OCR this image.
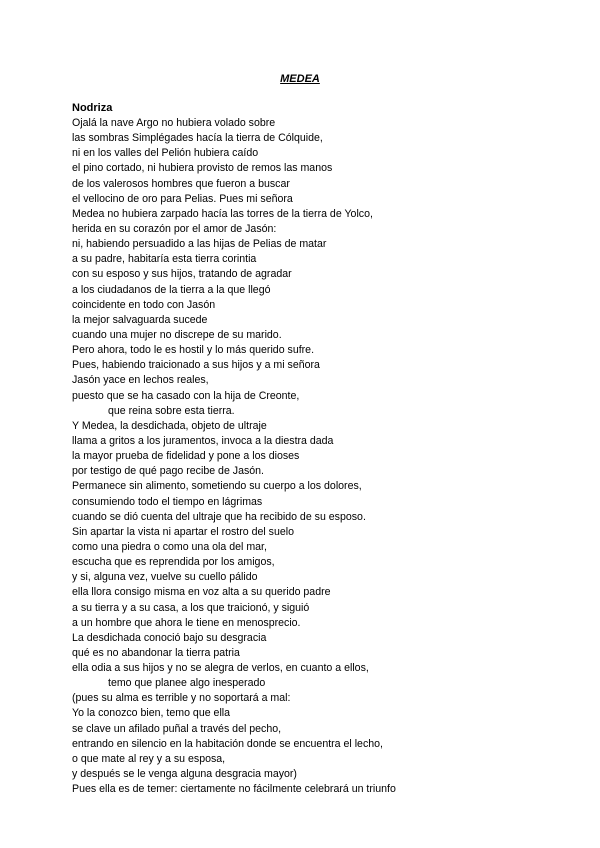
MEDEA
Nodriza
Ojalá la nave Argo no hubiera volado sobre
las sombras Simplégades hacía la tierra de Cólquide,
ni en los valles del Pelión hubiera caído
el pino cortado, ni hubiera provisto de remos las manos
de los valerosos hombres que fueron a buscar
el vellocino de oro para Pelias. Pues mi señora
Medea no hubiera zarpado hacía las torres de la tierra de Yolco,
herida en su corazón por el amor de Jasón:
ni, habiendo persuadido a las hijas de Pelias de matar
a su padre, habitaría esta tierra corintia
con su esposo y sus hijos, tratando de agradar
a los ciudadanos de la tierra a la que llegó
coincidente en todo con Jasón
la mejor salvaguarda sucede
cuando una mujer no discrepe de su marido.
Pero ahora, todo le es hostil y lo más querido sufre.
Pues, habiendo traicionado a sus hijos y a mi señora
Jasón yace en lechos reales,
puesto que se ha casado con la hija de Creonte,
que reina sobre esta tierra.
Y Medea, la desdichada, objeto de ultraje
llama a gritos a los juramentos, invoca a la diestra dada
la mayor prueba de fidelidad y pone a los dioses
por testigo de qué pago recibe de Jasón.
Permanece sin alimento, sometiendo su cuerpo a los dolores,
consumiendo todo el tiempo en lágrimas
cuando se dió cuenta del ultraje que ha recibido de su esposo.
Sin apartar la vista ni apartar el rostro del suelo
como una piedra o como una ola del mar,
escucha que es reprendida por los amigos,
y si, alguna vez, vuelve su cuello pálido
ella llora consigo misma en voz alta a su querido padre
a su tierra y a su casa, a los que traicionó, y siguió
a un hombre que ahora le tiene en menosprecio.
La desdichada conoció bajo su desgracia
qué es no abandonar la tierra patria
ella odia a sus hijos y no se alegra de verlos, en cuanto a ellos,
temo que planee algo inesperado
(pues su alma es terrible y no soportará a mal:
Yo la conozco bien, temo que ella
se clave un afilado puñal a través del pecho,
entrando en silencio en la habitación donde se encuentra el lecho,
o que mate al rey y a su esposa,
y después se le venga alguna desgracia mayor)
Pues ella es de temer: ciertamente no fácilmente celebrará un triunfo
